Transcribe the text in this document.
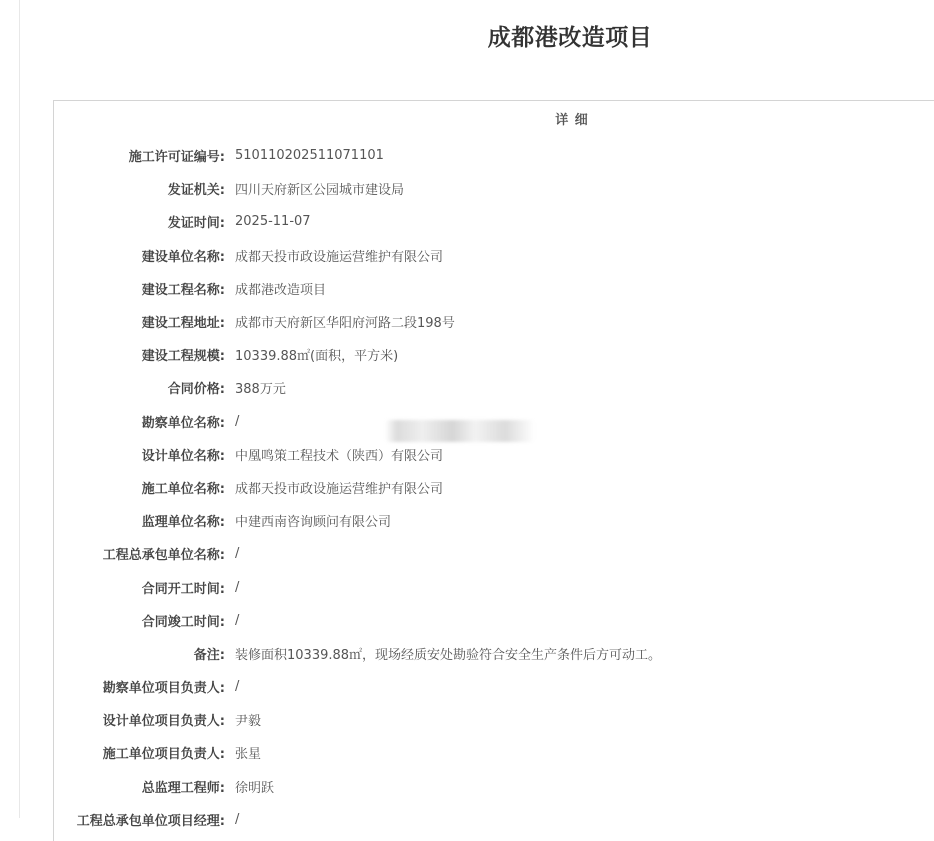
成都港改造项目
详 细
施工许可证编号: 510110202511071101
发证机关: 四川天府新区公园城市建设局
发证时间: 2025-11-07
建设单位名称: 成都天投市政设施运营维护有限公司
建设工程名称: 成都港改造项目
建设工程地址: 成都市天府新区华阳府河路二段198号
建设工程规模: 10339.88㎡(面积，平方米)
合同价格: 388万元
勘察单位名称: /
设计单位名称: 中凰鸣策工程技术（陕西）有限公司
施工单位名称: 成都天投市政设施运营维护有限公司
监理单位名称: 中建西南咨询顾问有限公司
工程总承包单位名称: /
合同开工时间: /
合同竣工时间: /
备注: 装修面积10339.88㎡，现场经质安处勘验符合安全生产条件后方可动工。
勘察单位项目负责人: /
设计单位项目负责人: 尹毅
施工单位项目负责人: 张星
总监理工程师: 徐明跃
工程总承包单位项目经理: /
